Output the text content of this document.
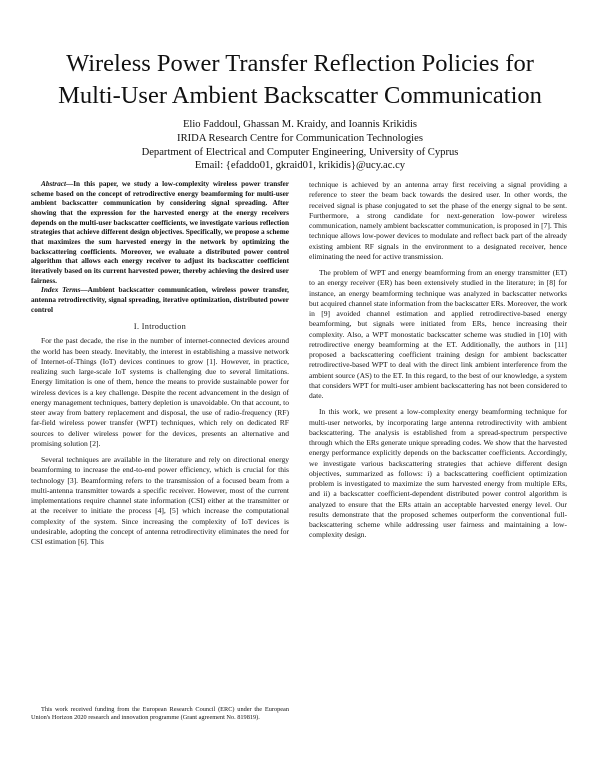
Wireless Power Transfer Reflection Policies for
Multi-User Ambient Backscatter Communication
Elio Faddoul, Ghassan M. Kraidy, and Ioannis Krikidis
IRIDA Research Centre for Communication Technologies
Department of Electrical and Computer Engineering, University of Cyprus
Email: {efaddo01, gkraid01, krikidis}@ucy.ac.cy

Abstract—In this paper, we study a low-complexity wireless power transfer scheme based on the concept of retrodirective energy beamforming for multi-user ambient backscatter communication by considering signal spreading. After showing that the expression for the harvested energy at the energy receivers depends on the multi-user backscatter coefficients, we investigate various reflection strategies that achieve different design objectives. Specifically, we propose a scheme that maximizes the sum harvested energy in the network by optimizing the backscattering coefficients. Moreover, we evaluate a distributed power control algorithm that allows each energy receiver to adjust its backscatter coefficient iteratively based on its current harvested power, thereby achieving the desired user fairness.

Index Terms—Ambient backscatter communication, wireless power transfer, antenna retrodirectivity, signal spreading, iterative optimization, distributed power control

I. Introduction

For the past decade, the rise in the number of internet-connected devices around the world has been steady. Inevitably, the interest in establishing a massive network of Internet-of-Things (IoT) devices continues to grow [1]. However, in practice, realizing such large-scale IoT systems is challenging due to several limitations. Energy limitation is one of them, hence the means to provide sustainable power for wireless devices is a key challenge. Despite the recent advancement in the design of energy management techniques, battery depletion is unavoidable. On that account, to steer away from battery replacement and disposal, the use of radio-frequency (RF) far-field wireless power transfer (WPT) techniques, which rely on dedicated RF sources to deliver wireless power for the devices, presents an alternative and promising solution [2].

Several techniques are available in the literature and rely on directional energy beamforming to increase the end-to-end power efficiency, which is crucial for this technology [3]. Beamforming refers to the transmission of a focused beam from a multi-antenna transmitter towards a specific receiver. However, most of the current implementations require channel state information (CSI) either at the transmitter or at the receiver to initiate the process [4], [5] which increase the computational complexity of the system. Since increasing the complexity of IoT devices is undesirable, adopting the concept of antenna retrodirectivity eliminates the need for CSI estimation [6]. This

This work received funding from the European Research Council (ERC) under the European Union's Horizon 2020 research and innovation programme (Grant agreement No. 819819).

technique is achieved by an antenna array first receiving a signal providing a reference to steer the beam back towards the desired user. In other words, the received signal is phase conjugated to set the phase of the energy signal to be sent. Furthermore, a strong candidate for next-generation low-power wireless communication, namely ambient backscatter communication, is proposed in [7]. This technique allows low-power devices to modulate and reflect back part of the already existing ambient RF signals in the environment to a designated receiver, hence eliminating the need for active transmission.

The problem of WPT and energy beamforming from an energy transmitter (ET) to an energy receiver (ER) has been extensively studied in the literature; in [8] for instance, an energy beamforming technique was analyzed in backscatter networks but acquired channel state information from the backscatter ERs. Moreover, the work in [9] avoided channel estimation and applied retrodirective-based energy beamforming, but signals were initiated from ERs, hence increasing their complexity. Also, a WPT monostatic backscatter scheme was studied in [10] with retrodirective energy beamforming at the ET. Additionally, the authors in [11] proposed a backscattering coefficient training design for ambient backscatter retrodirective-based WPT to deal with the direct link ambient interference from the ambient source (AS) to the ET. In this regard, to the best of our knowledge, a system that considers WPT for multi-user ambient backscattering has not been considered to date.

In this work, we present a low-complexity energy beamforming technique for multi-user networks, by incorporating large antenna retrodirectivity with ambient backscattering. The analysis is established from a spread-spectrum perspective through which the ERs generate unique spreading codes. We show that the harvested energy performance explicitly depends on the backscatter coefficients. Accordingly, we investigate various backscattering strategies that achieve different design objectives, summarized as follows: i) a backscattering coefficient optimization problem is investigated to maximize the sum harvested energy from multiple ERs, and ii) a backscatter coefficient-dependent distributed power control algorithm is analyzed to ensure that the ERs attain an acceptable harvested energy level. Our results demonstrate that the proposed schemes outperform the conventional full-backscattering scheme while addressing user fairness and maintaining a low-complexity design.
